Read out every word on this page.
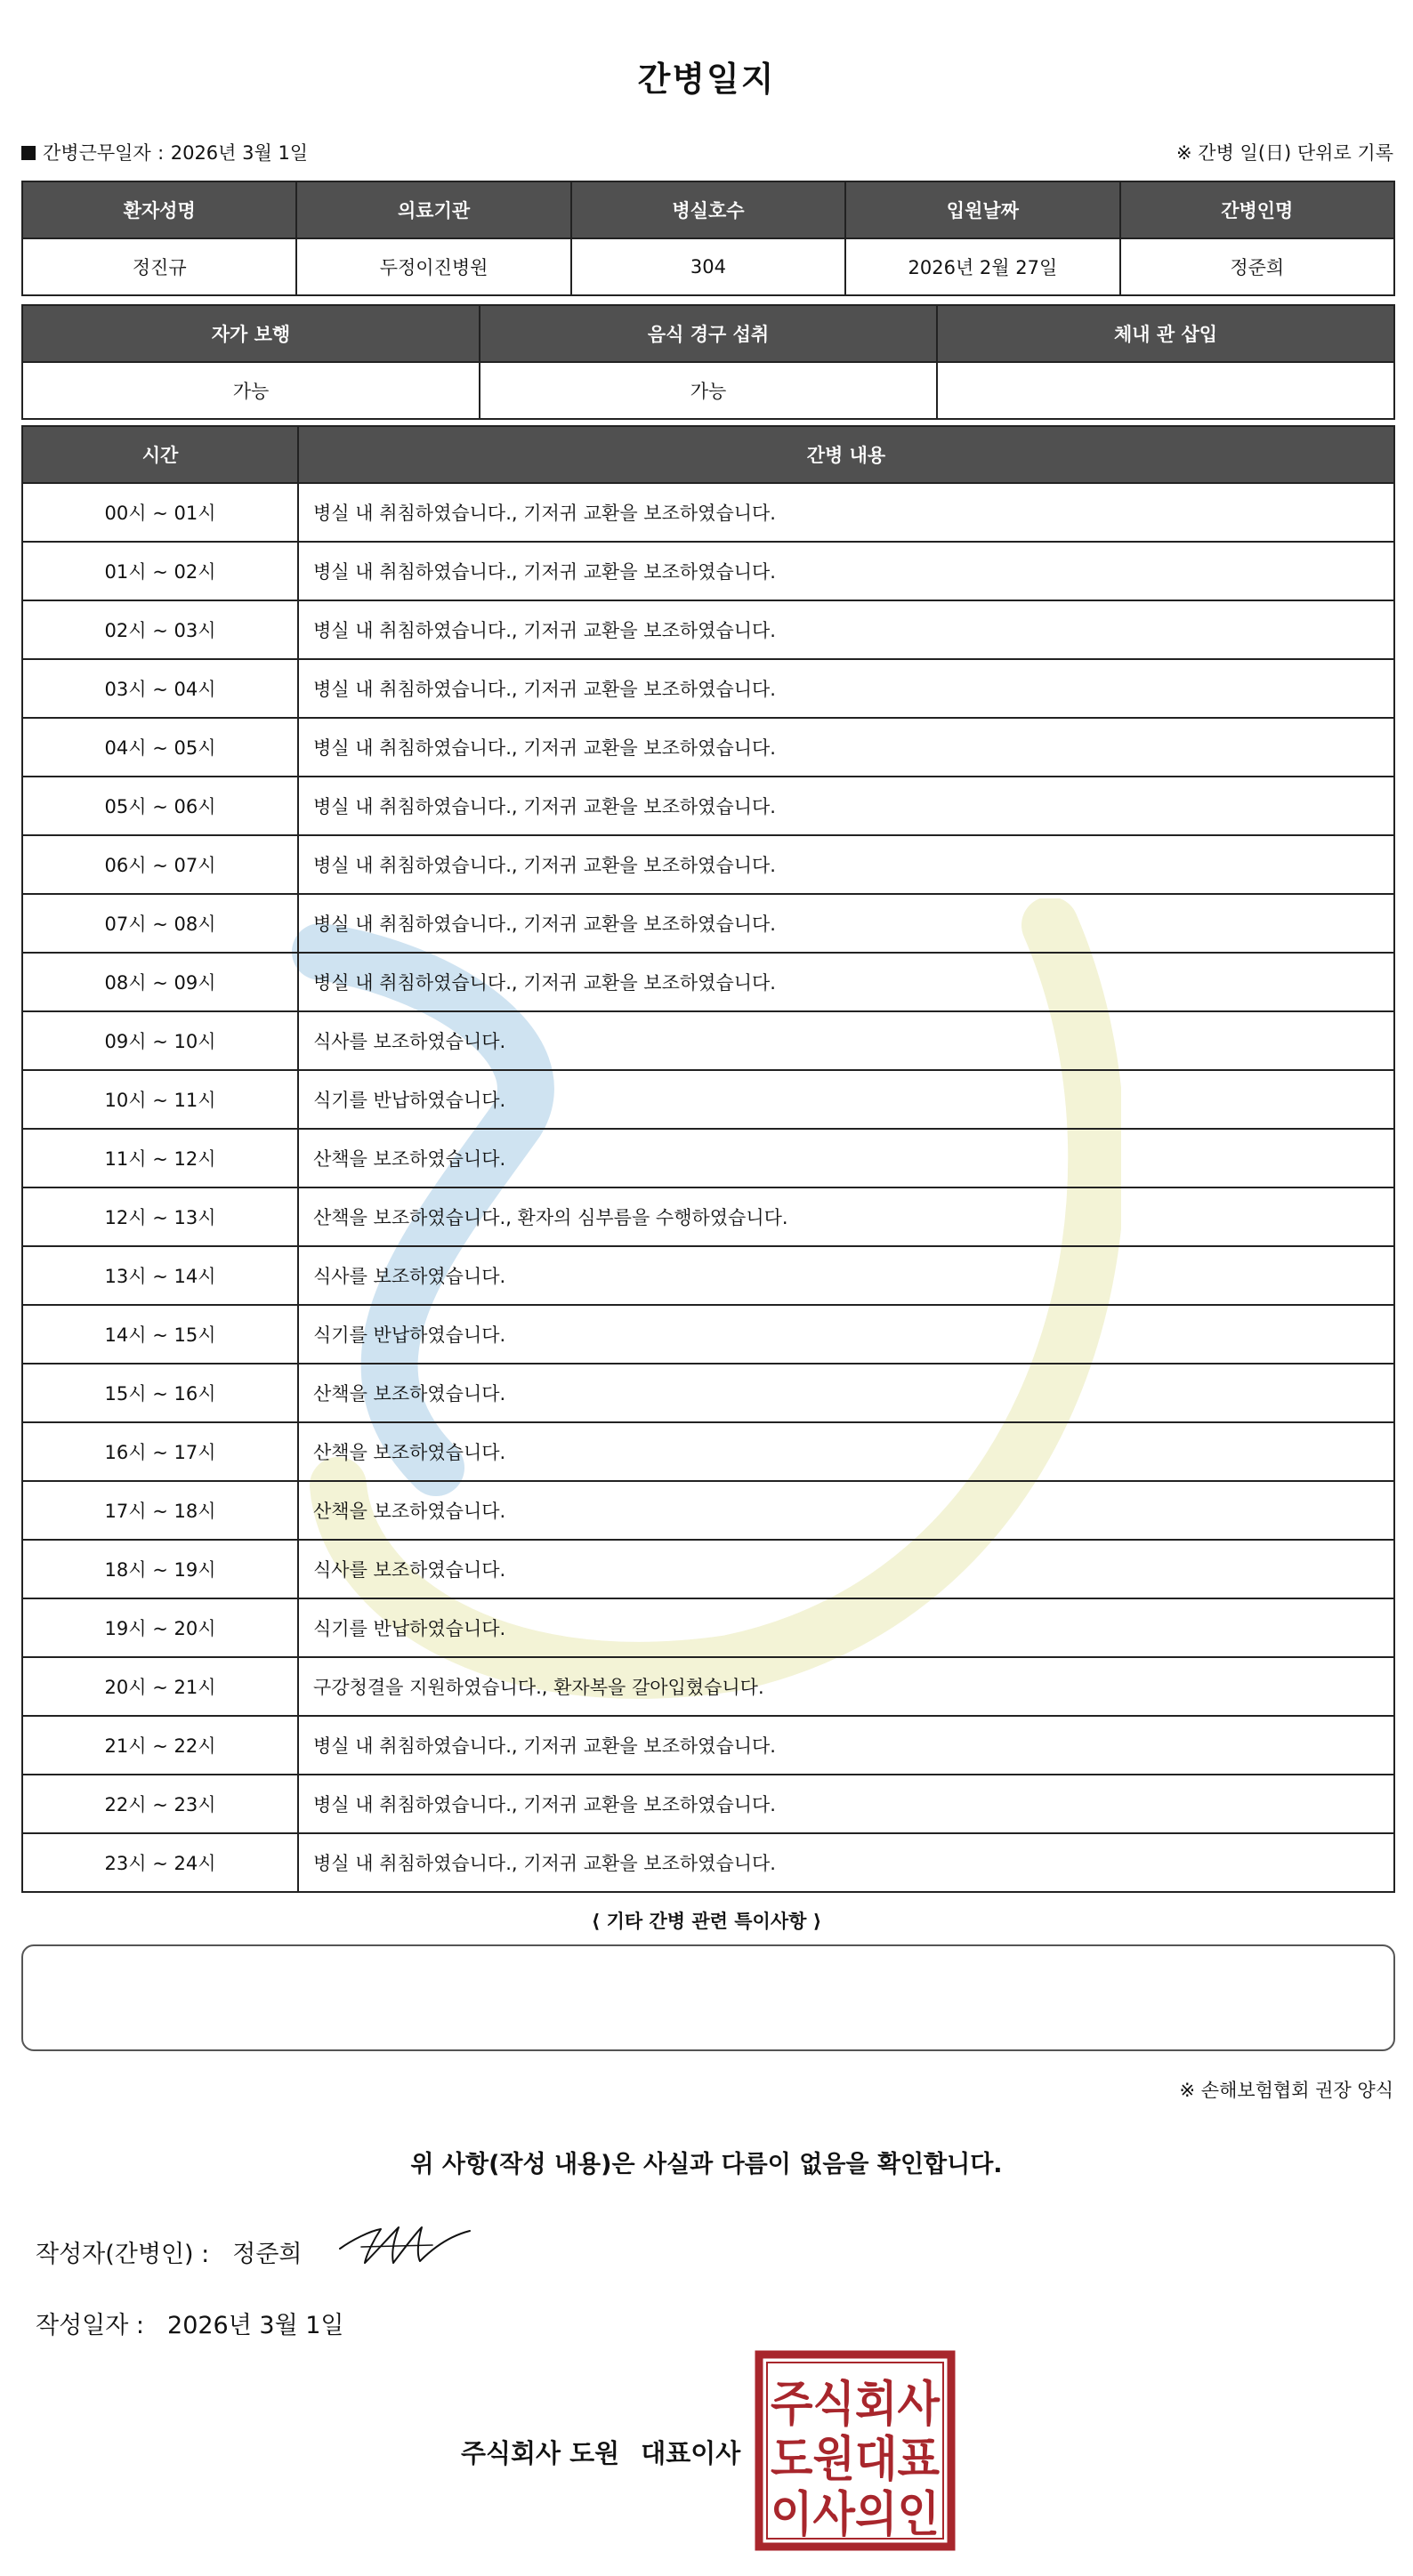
간병일지
간병근무일자 : 2026년 3월 1일	※ 간병 일(日) 단위로 기록
환자성명	의료기관	병실호수	입원날짜	간병인명
정진규	두정이진병원	304	2026년 2월 27일	정준희
자가 보행	음식 경구 섭취	체내 관 삽입
가능	가능	
시간	간병 내용
00시 ~ 01시	병실 내 취침하였습니다., 기저귀 교환을 보조하였습니다.
01시 ~ 02시	병실 내 취침하였습니다., 기저귀 교환을 보조하였습니다.
02시 ~ 03시	병실 내 취침하였습니다., 기저귀 교환을 보조하였습니다.
03시 ~ 04시	병실 내 취침하였습니다., 기저귀 교환을 보조하였습니다.
04시 ~ 05시	병실 내 취침하였습니다., 기저귀 교환을 보조하였습니다.
05시 ~ 06시	병실 내 취침하였습니다., 기저귀 교환을 보조하였습니다.
06시 ~ 07시	병실 내 취침하였습니다., 기저귀 교환을 보조하였습니다.
07시 ~ 08시	병실 내 취침하였습니다., 기저귀 교환을 보조하였습니다.
08시 ~ 09시	병실 내 취침하였습니다., 기저귀 교환을 보조하였습니다.
09시 ~ 10시	식사를 보조하였습니다.
10시 ~ 11시	식기를 반납하였습니다.
11시 ~ 12시	산책을 보조하였습니다.
12시 ~ 13시	산책을 보조하였습니다., 환자의 심부름을 수행하였습니다.
13시 ~ 14시	식사를 보조하였습니다.
14시 ~ 15시	식기를 반납하였습니다.
15시 ~ 16시	산책을 보조하였습니다.
16시 ~ 17시	산책을 보조하였습니다.
17시 ~ 18시	산책을 보조하였습니다.
18시 ~ 19시	식사를 보조하였습니다.
19시 ~ 20시	식기를 반납하였습니다.
20시 ~ 21시	구강청결을 지원하였습니다., 환자복을 갈아입혔습니다.
21시 ~ 22시	병실 내 취침하였습니다., 기저귀 교환을 보조하였습니다.
22시 ~ 23시	병실 내 취침하였습니다., 기저귀 교환을 보조하였습니다.
23시 ~ 24시	병실 내 취침하였습니다., 기저귀 교환을 보조하였습니다.
⟨ 기타 간병 관련 특이사항 ⟩
※ 손해보험협회 권장 양식
위 사항(작성 내용)은 사실과 다름이 없음을 확인합니다.
작성자(간병인) : 정준희
작성일자 : 2026년 3월 1일
주식회사 도원 대표이사
주식회사
도원대표
이사의인
